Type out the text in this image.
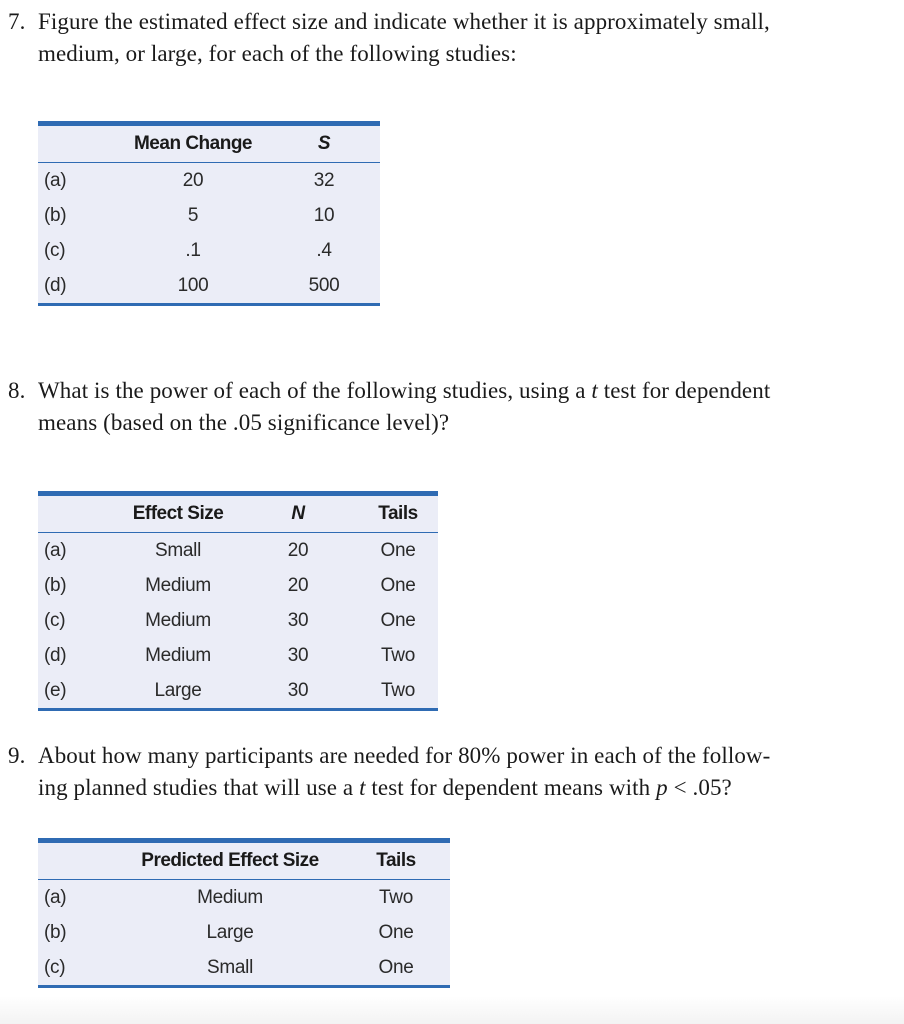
7. Figure the estimated effect size and indicate whether it is approximately small,
medium, or large, for each of the following studies:
	Mean Change	S
(a)	20	32
(b)	5	10
(c)	.1	.4
(d)	100	500
8. What is the power of each of the following studies, using a t test for dependent
means (based on the .05 significance level)?
	Effect Size	N	Tails
(a)	Small	20	One
(b)	Medium	20	One
(c)	Medium	30	One
(d)	Medium	30	Two
(e)	Large	30	Two
9. About how many participants are needed for 80% power in each of the follow-
ing planned studies that will use a t test for dependent means with p < .05?
	Predicted Effect Size	Tails
(a)	Medium	Two
(b)	Large	One
(c)	Small	One
